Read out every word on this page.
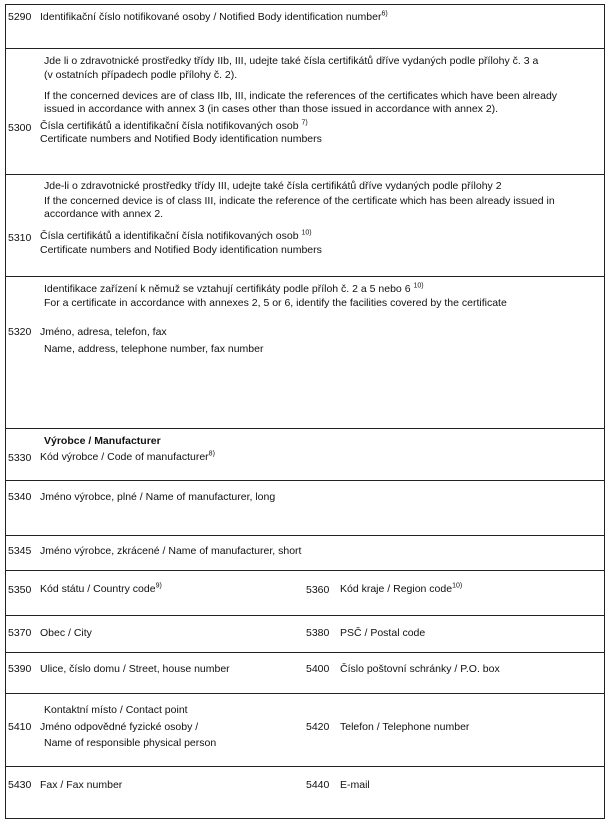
5290 Identifikační číslo notifikované osoby / Notified Body identification number$^{6)}$
Jde li o zdravotnické prostředky třídy IIb, III, udejte také čísla certifikátů dříve vydaných podle přílohy č. 3 a
(v ostatních případech podle přílohy č. 2).
If the concerned devices are of class IIb, III, indicate the references of the certificates which have been already
issued in accordance with annex 3 (in cases other than those issued in accordance with annex 2).
5300 Čísla certifikátů a identifikační čísla notifikovaných osob $^{7)}$
Certificate numbers and Notified Body identification numbers
Jde-li o zdravotnické prostředky třídy III, udejte také čísla certifikátů dříve vydaných podle přílohy 2
If the concerned device is of class III, indicate the reference of the certificate which has been already issued in
accordance with annex 2.
5310 Čísla certifikátů a identifikační čísla notifikovaných osob $^{10)}$
Certificate numbers and Notified Body identification numbers
Identifikace zařízení k němuž se vztahují certifikáty podle příloh č. 2 a 5 nebo 6 $^{10)}$
For a certificate in accordance with annexes 2, 5 or 6, identify the facilities covered by the certificate
5320 Jméno, adresa, telefon, fax
Name, address, telephone number, fax number
Výrobce / Manufacturer
5330 Kód výrobce / Code of manufacturer$^{8)}$
5340 Jméno výrobce, plné / Name of manufacturer, long
5345 Jméno výrobce, zkrácené / Name of manufacturer, short
5350 Kód státu / Country code$^{9)}$	5360 Kód kraje / Region code$^{10)}$
5370 Obec / City	5380 PSČ / Postal code
5390 Ulice, číslo domu / Street, house number	5400 Číslo poštovní schránky / P.O. box
Kontaktní místo / Contact point
5410 Jméno odpovědné fyzické osoby /
Name of responsible physical person
5420 Telefon / Telephone number
5430 Fax / Fax number	5440 E-mail
